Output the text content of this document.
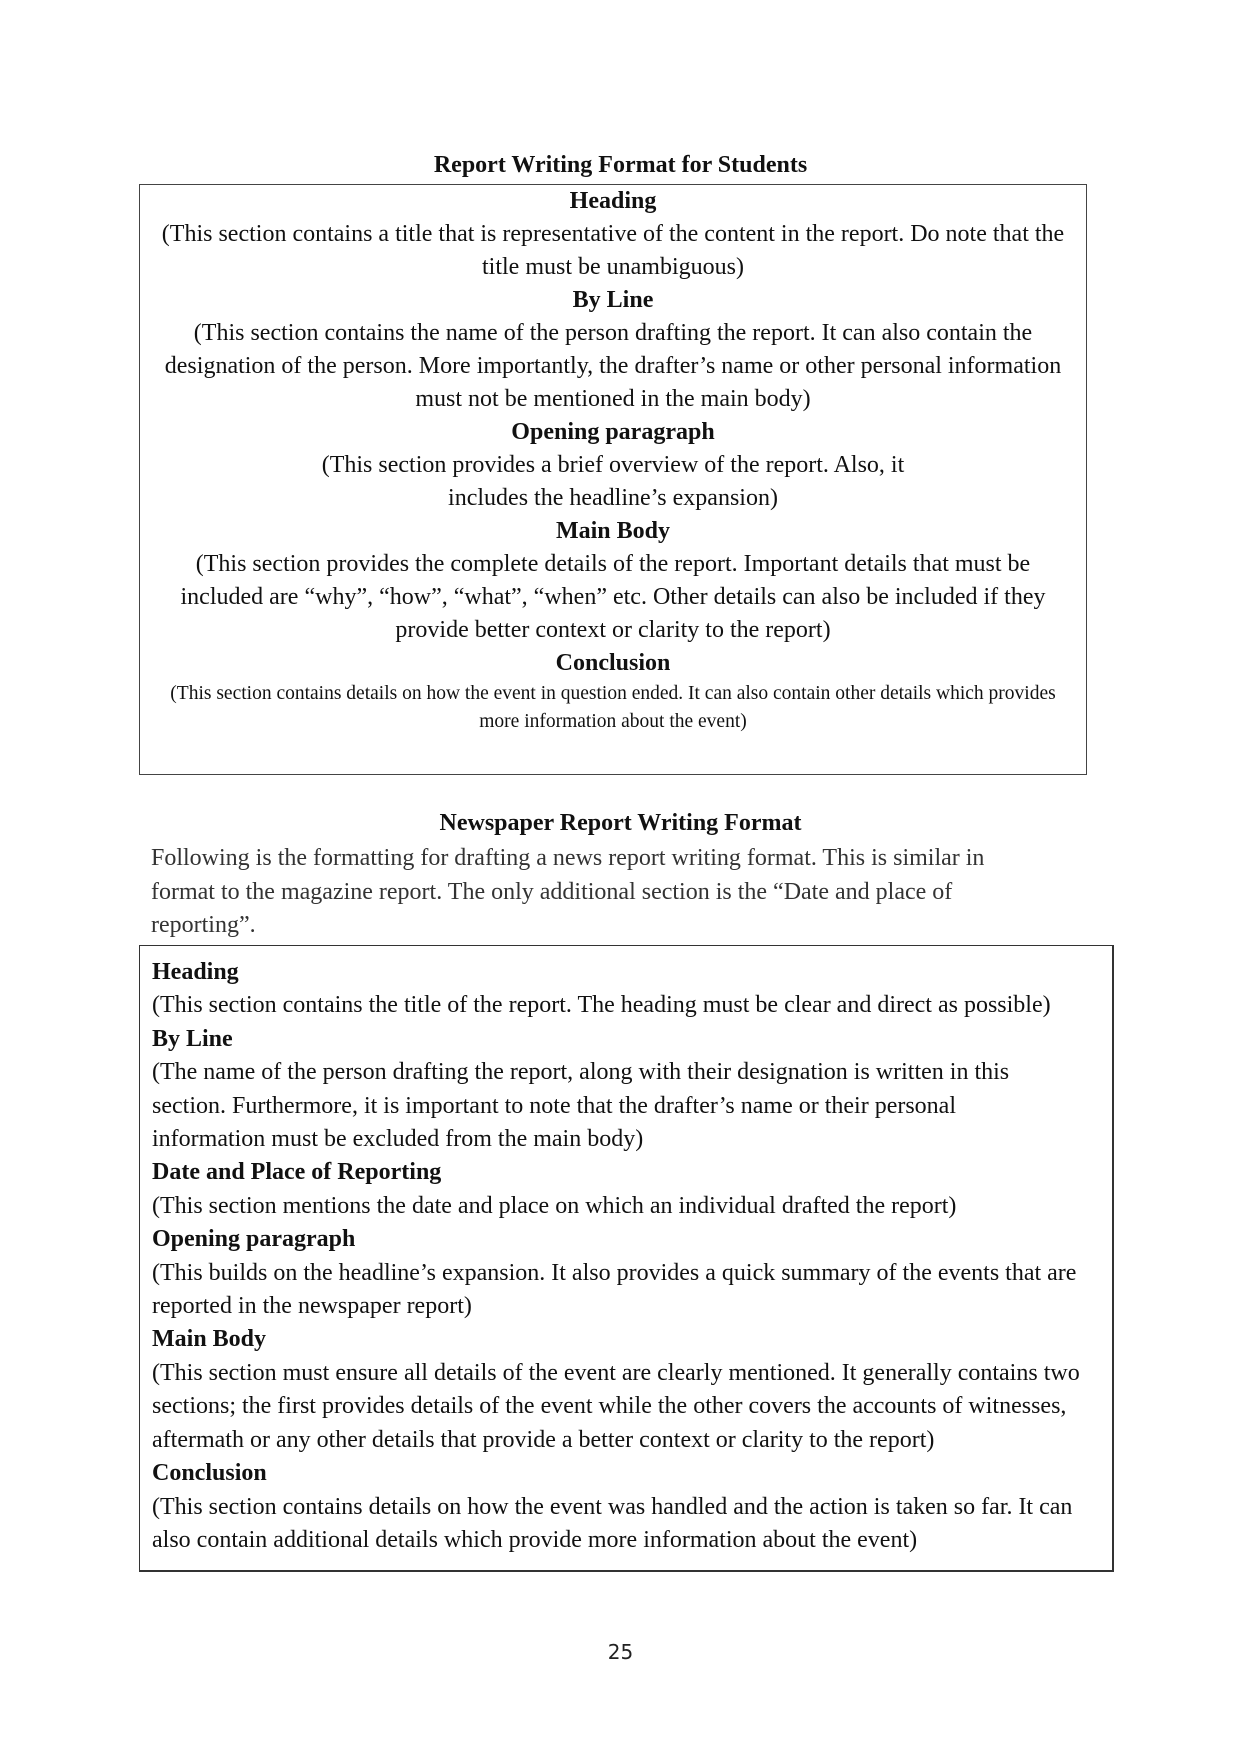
Report Writing Format for Students
Heading

(This section contains a title that is representative of the content in the report. Do note that the title must be unambiguous)

By Line

(This section contains the name of the person drafting the report. It can also contain the designation of the person. More importantly, the drafter’s name or other personal information must not be mentioned in the main body)

Opening paragraph

(This section provides a brief overview of the report. Also, it includes the headline’s expansion)

Main Body

(This section provides the complete details of the report. Important details that must be included are “why”, “how”, “what”, “when” etc. Other details can also be included if they provide better context or clarity to the report)

Conclusion

(This section contains details on how the event in question ended. It can also contain other details which provides more information about the event)

Newspaper Report Writing Format
Following is the formatting for drafting a news report writing format. This is similar in format to the magazine report. The only additional section is the “Date and place of reporting”.
Heading

(This section contains the title of the report. The heading must be clear and direct as possible)

By Line

(The name of the person drafting the report, along with their designation is written in this section. Furthermore, it is important to note that the drafter’s name or their personal information must be excluded from the main body)

Date and Place of Reporting

(This section mentions the date and place on which an individual drafted the report)

Opening paragraph

(This builds on the headline’s expansion. It also provides a quick summary of the events that are reported in the newspaper report)

Main Body

(This section must ensure all details of the event are clearly mentioned. It generally contains two sections; the first provides details of the event while the other covers the accounts of witnesses, aftermath or any other details that provide a better context or clarity to the report)

Conclusion

(This section contains details on how the event was handled and the action is taken so far. It can also contain additional details which provide more information about the event)

25
